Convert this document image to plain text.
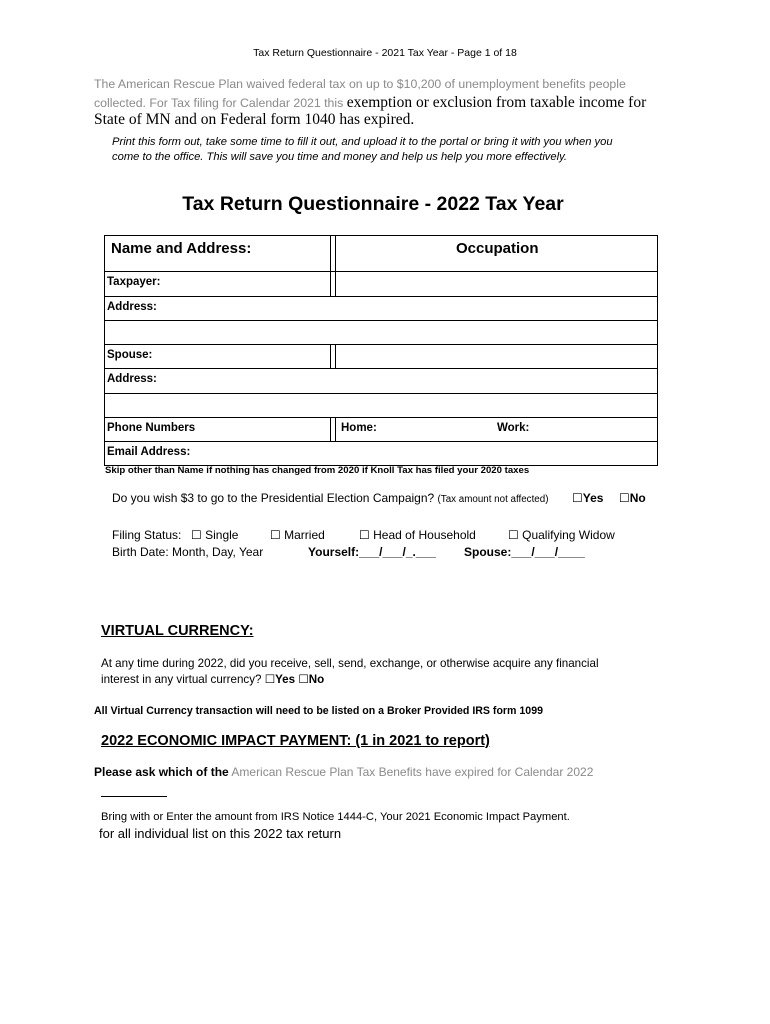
Tax Return Questionnaire - 2021 Tax Year - Page 1 of 18
The American Rescue Plan waived federal tax on up to $10,200 of unemployment benefits people
collected. For Tax filing for Calendar 2021 this exemption or exclusion from taxable income for
State of MN and on Federal form 1040 has expired.
Print this form out, take some time to fill it out, and upload it to the portal or bring it with you when you
come to the office. This will save you time and money and help us help you more effectively.
Tax Return Questionnaire - 2022 Tax Year
Name and Address:	Occupation
Taxpayer:
Address:
Spouse:
Address:
Phone Numbers	Home:	Work:
Email Address:
Skip other than Name if nothing has changed from 2020 if Knoll Tax has filed your 2020 taxes
Do you wish $3 to go to the Presidential Election Campaign? (Tax amount not affected) ☐Yes ☐No
Filing Status: ☐ Single	☐ Married	☐ Head of Household	☐ Qualifying Widow
Birth Date: Month, Day, Year	Yourself:___/___/_.___ Spouse:___/___/____
VIRTUAL CURRENCY:
At any time during 2022, did you receive, sell, send, exchange, or otherwise acquire any financial
interest in any virtual currency? ☐Yes ☐No
All Virtual Currency transaction will need to be listed on a Broker Provided IRS form 1099
2022 ECONOMIC IMPACT PAYMENT: (1 in 2021 to report)
Please ask which of the American Rescue Plan Tax Benefits have expired for Calendar 2022
Bring with or Enter the amount from IRS Notice 1444-C, Your 2021 Economic Impact Payment.
for all individual list on this 2022 tax return
